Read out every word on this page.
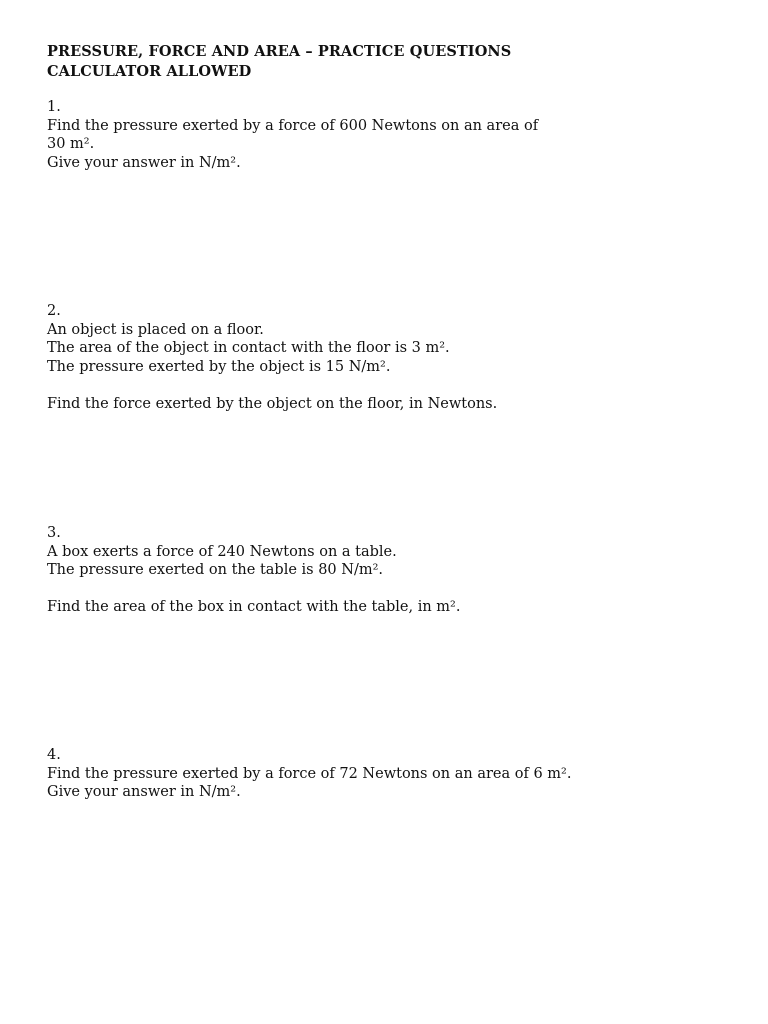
PRESSURE, FORCE AND AREA – PRACTICE QUESTIONS
CALCULATOR ALLOWED
1.
Find the pressure exerted by a force of 600 Newtons on an area of
30 m².
Give your answer in N/m².
2.
An object is placed on a floor.
The area of the object in contact with the floor is 3 m².
The pressure exerted by the object is 15 N/m².
Find the force exerted by the object on the floor, in Newtons.
3.
A box exerts a force of 240 Newtons on a table.
The pressure exerted on the table is 80 N/m².
Find the area of the box in contact with the table, in m².
4.
Find the pressure exerted by a force of 72 Newtons on an area of 6 m².
Give your answer in N/m².
